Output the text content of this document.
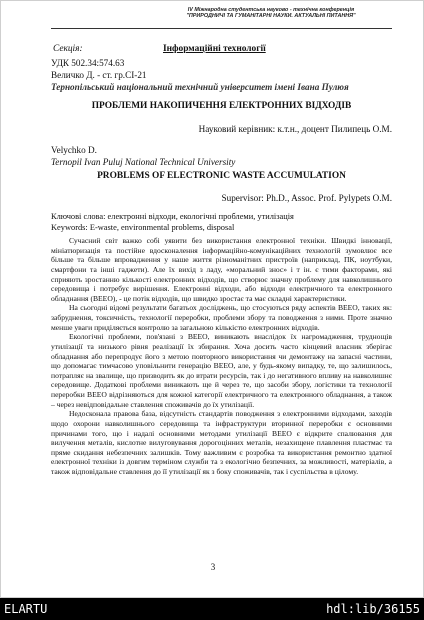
IV Міжнародна студентська науково - технічна конференція
"ПРИРОДНИЧІ ТА ГУМАНІТАРНІ НАУКИ. АКТУАЛЬНІ ПИТАННЯ"
Секція:	Інформаційні технології
УДК 502.34:574.63
Величко Д. - ст. гр.СІ-21
Тернопільський національний технічний університет імені Івана Пулюя
ПРОБЛЕМИ НАКОПИЧЕННЯ ЕЛЕКТРОННИХ ВІДХОДІВ
Науковий керівник: к.т.н., доцент Пилипець О.М.
Velychko D.
Ternopil Ivan Puluj National Technical University
PROBLEMS OF ELECTRONIC WASTE ACCUMULATION
Supervisor: Ph.D., Assoc. Prof. Pylypets O.M.
Ключові слова: електронні відходи, екологічні проблеми, утилізація
Keywords: E-waste, environmental problems, disposal

Сучасний світ важко собі уявити без використання електронної техніки. Швидкі інновації, мініатюризація та постійне вдосконалення інформаційно-комунікаційних технологій зумовлює все більше та більше впровадження у наше життя різноманітних пристроїв (наприклад, ПК, ноутбуки, смартфони та інші гаджети). Але їх вихід з ладу, «моральний знос» і т ін. є тими факторами, які сприяють зростанню кількості електронних відходів, що створює значну проблему для навколишнього середовища і потребує вирішення. Електронні відходи, або відходи електричного та електронного обладнання (ВЕЕО), - це потік відходів, що швидко зростає та має складні характеристики.

На сьогодні відомі результати багатьох досліджень, що стосуються ряду аспектів ВЕЕО, таких як: забруднення, токсичність, технології переробки, проблеми збору та поводження з ними. Проте значно менше уваги приділяється контролю за загальною кількістю електронних відходів.

Екологічні проблеми, пов'язані з ВЕЕО, виникають внаслідок їх нагромадження, труднощів утилізації та низького рівня реалізації їх збирання. Хоча досить часто кінцевий власник зберігає обладнання або перепродує його з метою повторного використання чи демонтажу на запасні частини, що допомагає тимчасово уповільнити генерацію ВЕЕО, але, у будь-якому випадку, те, що залишилось, потрапляє на звалище, що призводить як до втрати ресурсів, так і до негативного впливу на навколишнє середовище. Додаткові проблеми виникають ще й через те, що засоби збору, логістики та технології переробки ВЕЕО відрізняються для кожної категорії електричного та електронного обладнання, а також – через невідповідальне ставлення споживачів до їх утилізації.

Недосконала правова база, відсутність стандартів поводження з електронними відходами, заходів щодо охорони навколишнього середовища та інфраструктури вторинної переробки є основними причинами того, що і надалі основними методами утилізації ВЕЕО є відкрите спалювання для вилучення металів, кислотне вилуговування дорогоцінних металів, незахищене плавлення пластмас та пряме скидання небезпечних залишків. Тому важливим є розробка та використання ремонтно здатної електронної техніки із довгим терміном служби та з екологічно безпечних, за можливості, матеріалів, а також відповідальне ставлення до її утилізації як з боку споживачів, так і суспільства в цілому.

3
ELARTU	hdl:lib/36155
